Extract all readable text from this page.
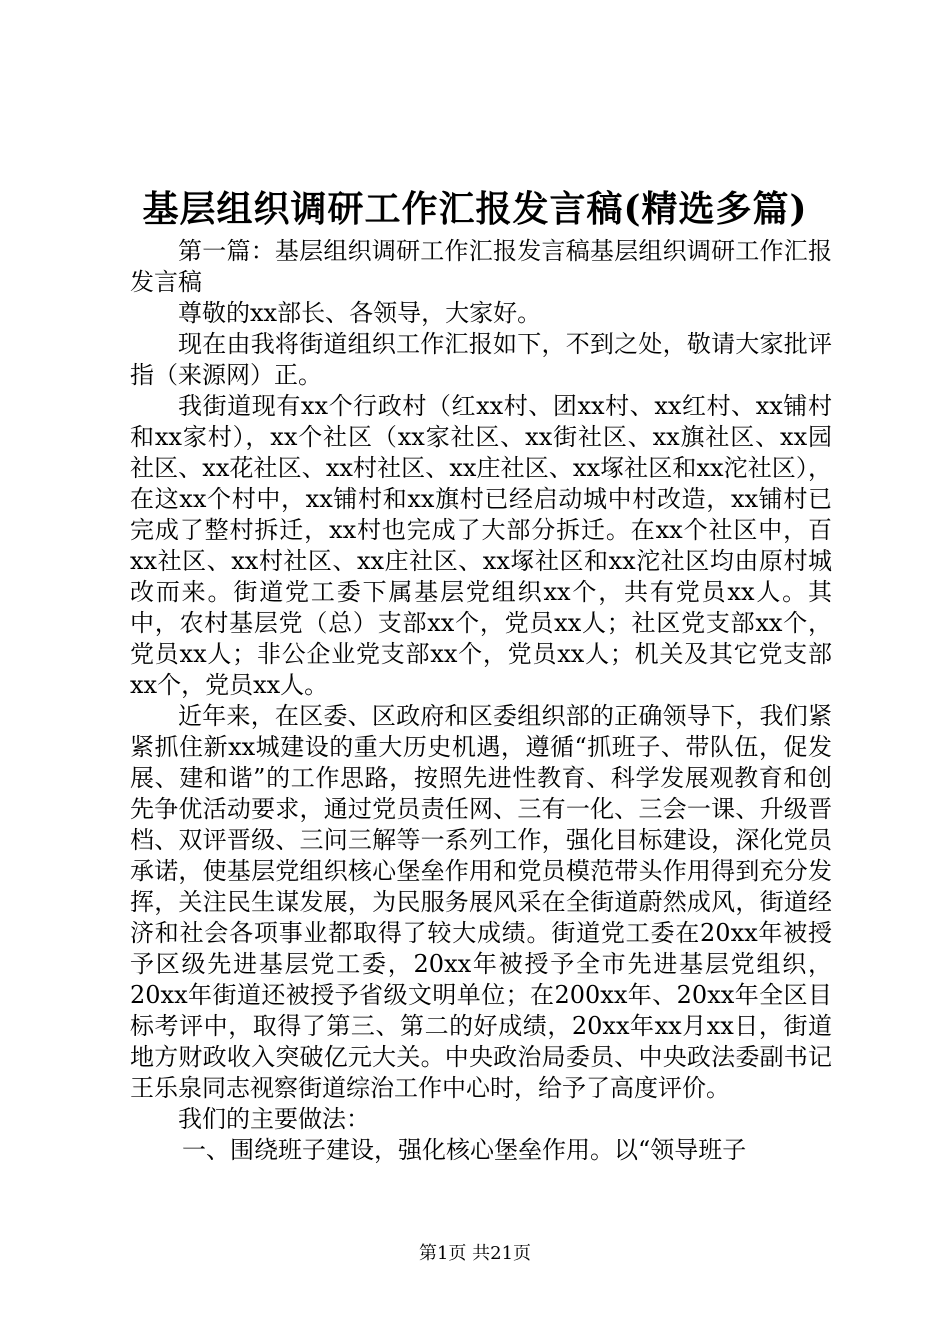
基层组织调研工作汇报发言稿(精选多篇)

第一篇：基层组织调研工作汇报发言稿基层组织调研工作汇报发言稿

尊敬的xx部长、各领导，大家好。

现在由我将街道组织工作汇报如下，不到之处，敬请大家批评指（来源网）正。

我街道现有xx个行政村（红xx村、团xx村、xx红村、xx铺村和xx家村），xx个社区（xx家社区、xx街社区、xx旗社区、xx园社区、xx花社区、xx村社区、xx庄社区、xx塚社区和xx沱社区），在这xx个村中，xx铺村和xx旗村已经启动城中村改造，xx铺村已完成了整村拆迁，xx村也完成了大部分拆迁。在xx个社区中，百xx社区、xx村社区、xx庄社区、xx塚社区和xx沱社区均由原村城改而来。街道党工委下属基层党组织xx个，共有党员xx人。其中，农村基层党（总）支部xx个，党员xx人；社区党支部xx个，党员xx人；非公企业党支部xx个，党员xx人；机关及其它党支部xx个，党员xx人。

近年来，在区委、区政府和区委组织部的正确领导下，我们紧紧抓住新xx城建设的重大历史机遇，遵循“抓班子、带队伍，促发展、建和谐”的工作思路，按照先进性教育、科学发展观教育和创先争优活动要求，通过党员责任网、三有一化、三会一课、升级晋档、双评晋级、三问三解等一系列工作，强化目标建设，深化党员承诺，使基层党组织核心堡垒作用和党员模范带头作用得到充分发挥，关注民生谋发展，为民服务展风采在全街道蔚然成风，街道经济和社会各项事业都取得了较大成绩。街道党工委在20xx年被授予区级先进基层党工委，20xx年被授予全市先进基层党组织，20xx年街道还被授予省级文明单位；在200xx年、20xx年全区目标考评中，取得了第三、第二的好成绩，20xx年xx月xx日，街道地方财政收入突破亿元大关。中央政治局委员、中央政法委副书记王乐泉同志视察街道综治工作中心时，给予了高度评价。

我们的主要做法：

一、围绕班子建设，强化核心堡垒作用。以“领导班子

第1页 共21页
